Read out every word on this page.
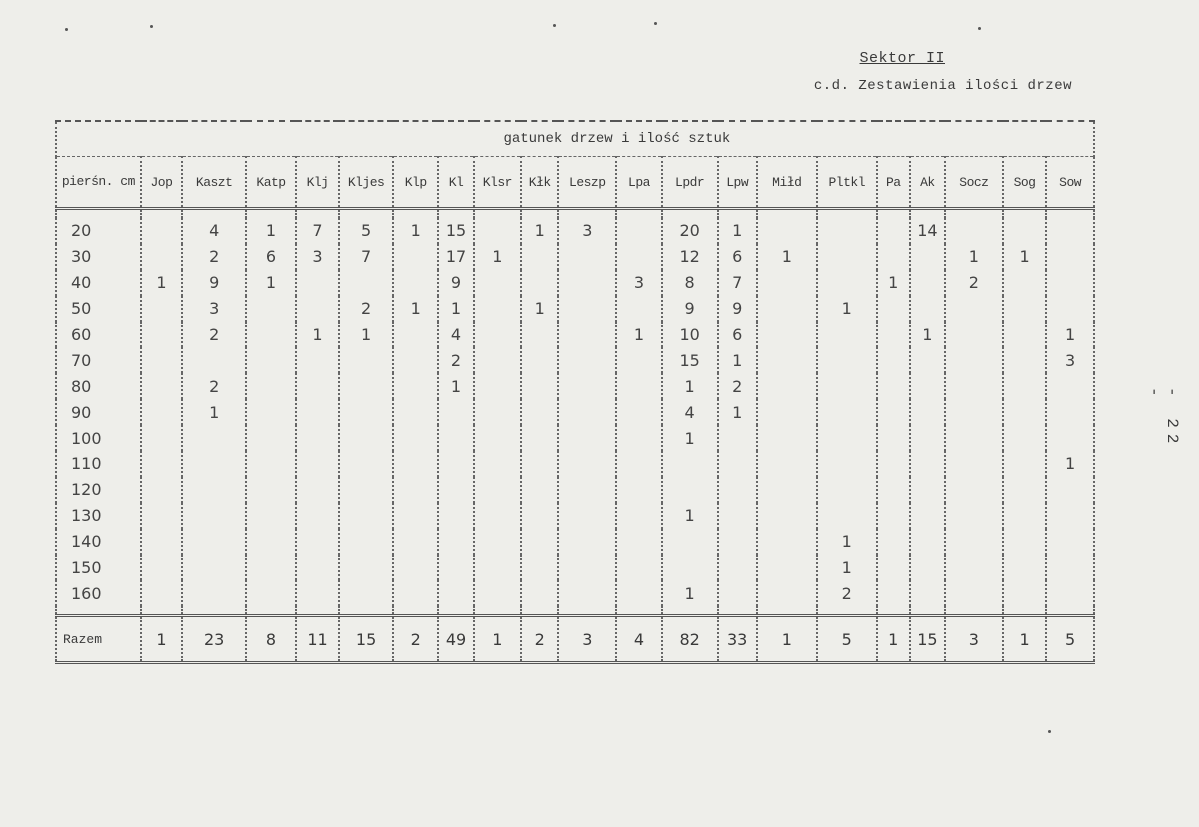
Sektor II
c.d. Zestawienia ilości drzew
- 22 -
	gatunek drzew i ilość sztuk																			
pierśn. cm	Jop	Kaszt	Katp	Klj	Kljes	Klp	Kl	Klsr	Kłk	Leszp	Lpa	Lpdr	Lpw	Miłd	Pltkl	Pa	Ak	Socz	Sog	Sow

20		4	1	7	5	1	15		1	3		20	1				14			
30		2	6	3	7		17	1				12	6	1				1	1	
40	1	9	1				9				3	8	7			1		2		
50		3			2	1	1		1			9	9		1					
60		2		1	1		4				1	10	6				1			1
70							2					15	1							3
80		2					1					1	2							
90		1										4	1							
100												1								
110																				1
120																				
130												1								
140															1					
150															1					
160												1			2					

Razem	1	23	8	11	15	2	49	1	2	3	4	82	33	1	5	1	15	3	1	5
